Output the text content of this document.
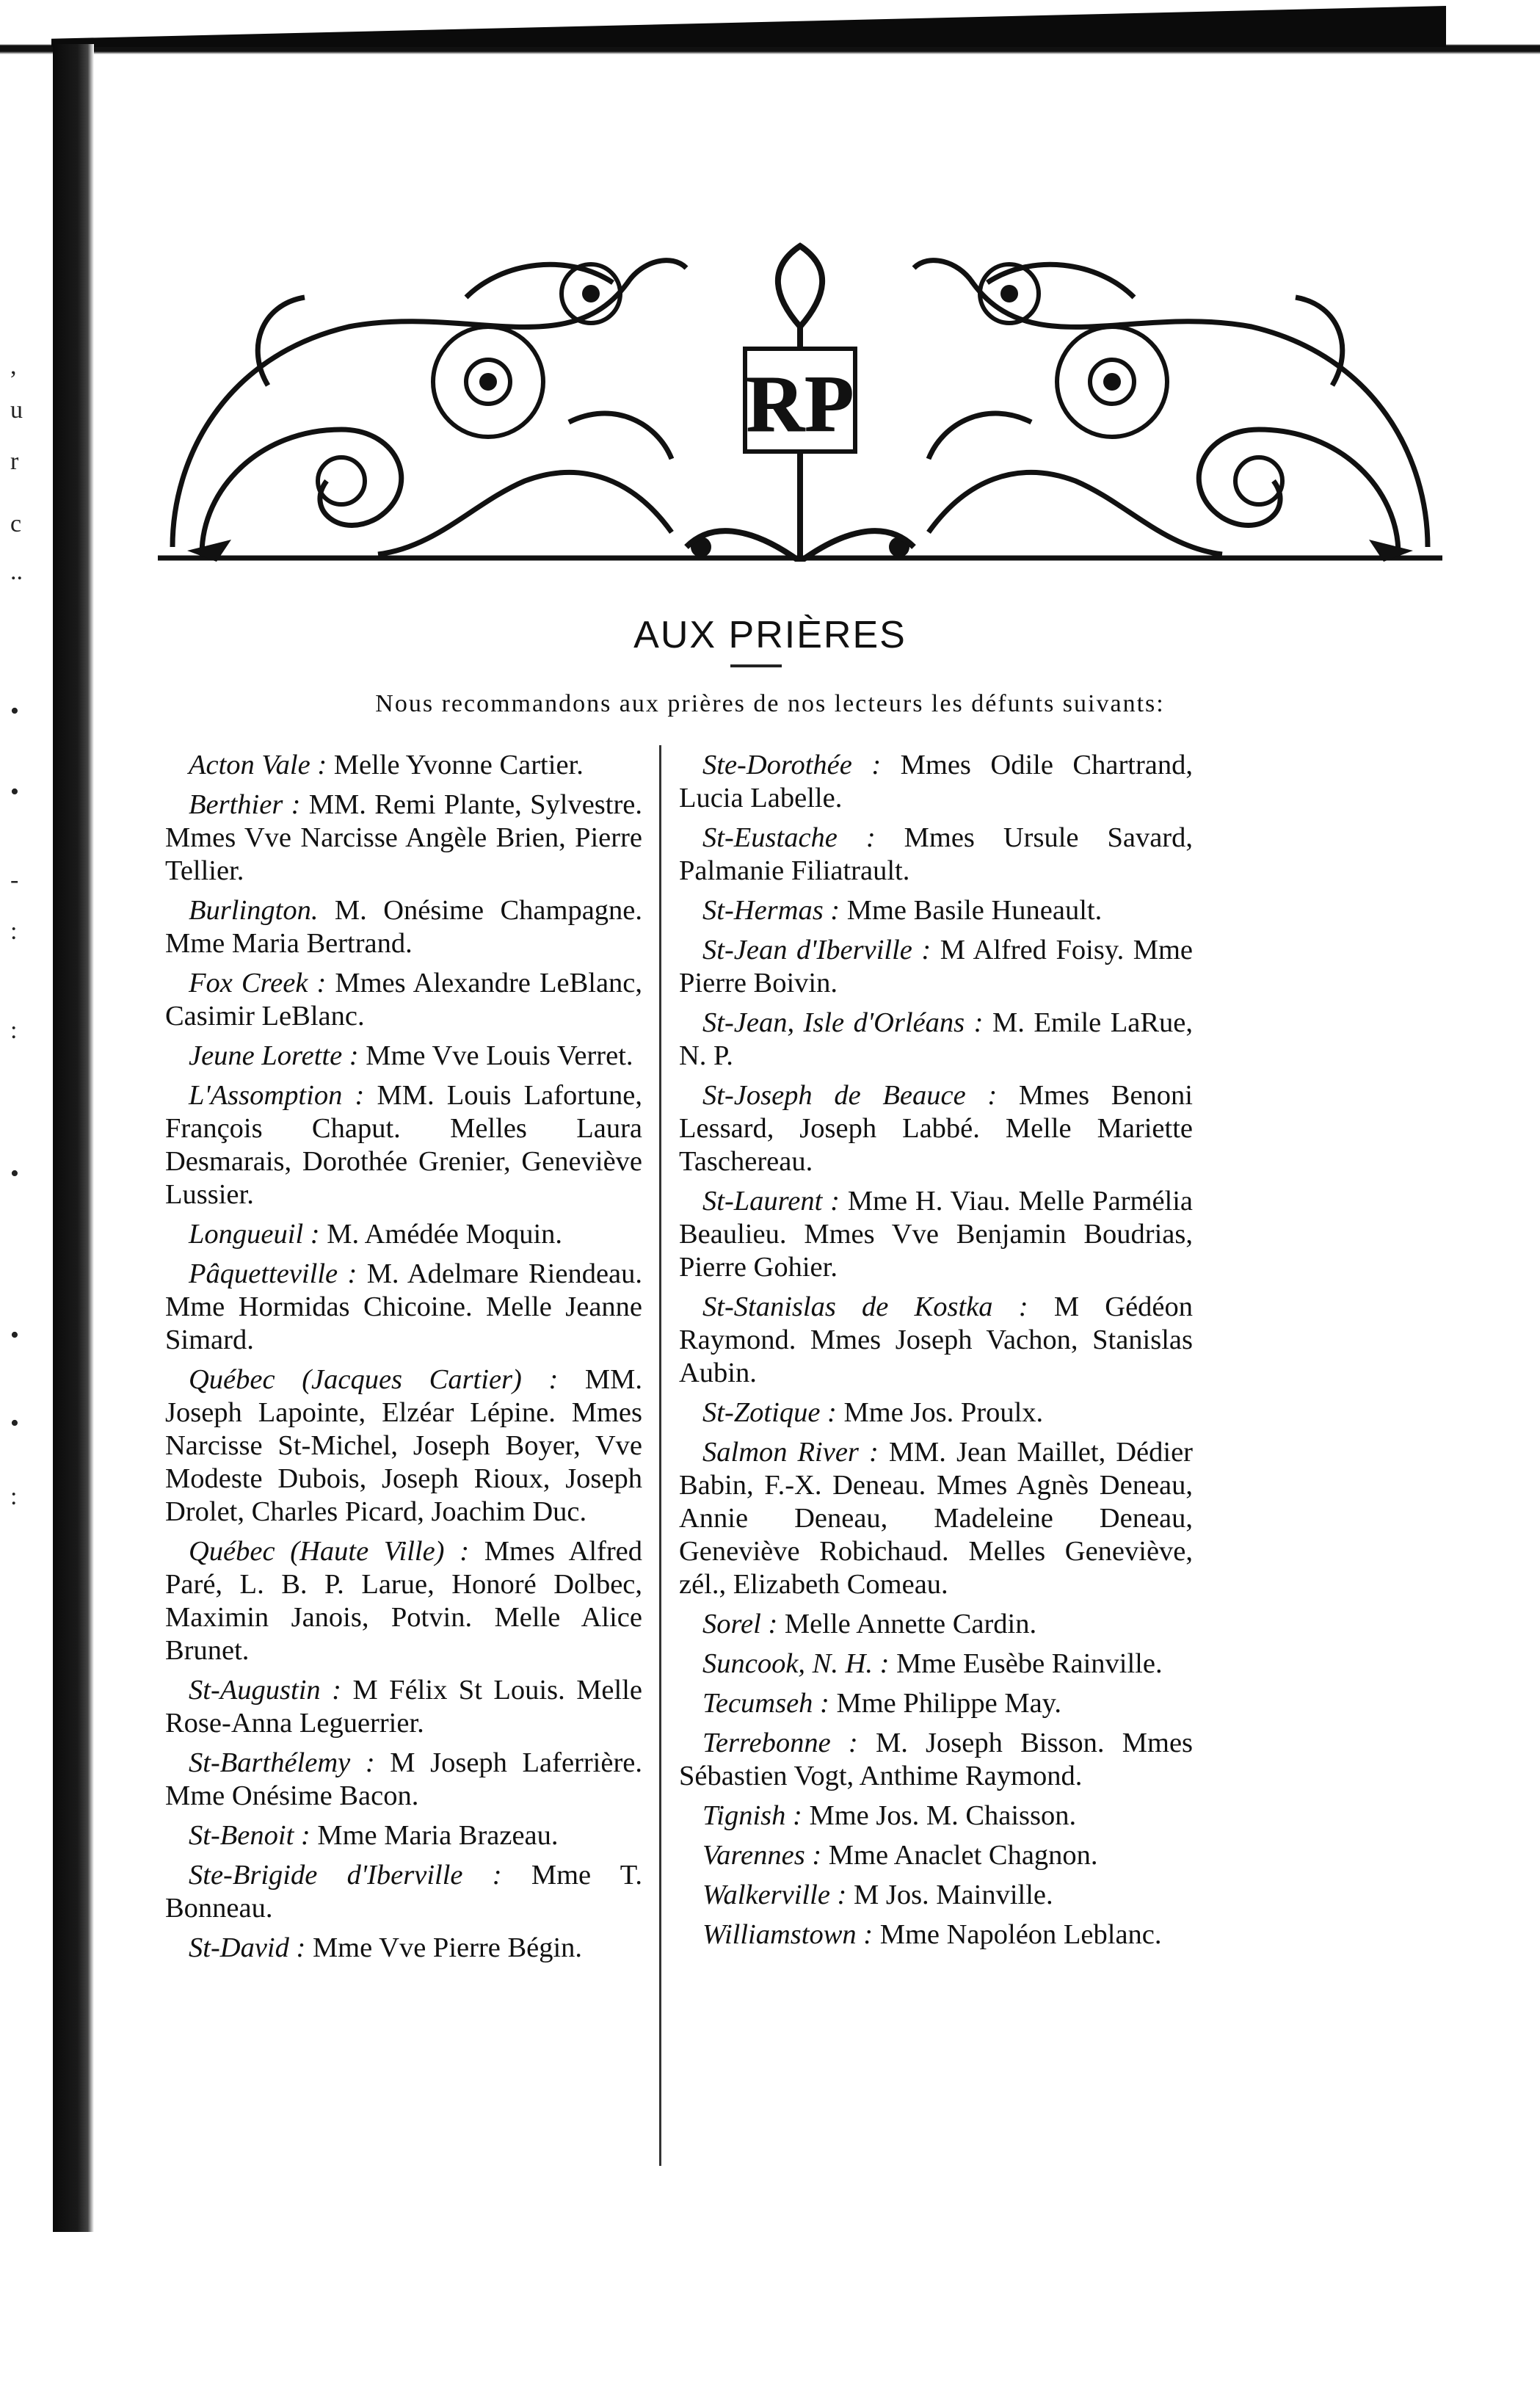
,
u
r
c
..
•
•
-
:
:
•
•
•
:
RP
AUX PRIÈRES
Nous recommandons aux prières de nos lecteurs les défunts suivants:

Acton Vale : Melle Yvonne Cartier.

Berthier : MM. Remi Plante, Sylvestre. Mmes Vve Narcisse Angèle Brien, Pierre Tellier.

Burlington. M. Onésime Champagne. Mme Maria Bertrand.

Fox Creek : Mmes Alexandre LeBlanc, Casimir LeBlanc.

Jeune Lorette : Mme Vve Louis Verret.

L'Assomption : MM. Louis Lafortune, François Chaput. Melles Laura Desmarais, Dorothée Grenier, Geneviève Lussier.

Longueuil : M. Amédée Moquin.

Pâquetteville : M. Adelmare Riendeau. Mme Hormidas Chicoine. Melle Jeanne Simard.

Québec (Jacques Cartier) : MM. Joseph Lapointe, Elzéar Lépine. Mmes Narcisse St-Michel, Joseph Boyer, Vve Modeste Dubois, Joseph Rioux, Joseph Drolet, Charles Picard, Joachim Duc.

Québec (Haute Ville) : Mmes Alfred Paré, L. B. P. Larue, Honoré Dolbec, Maximin Janois, Potvin. Melle Alice Brunet.

St-Augustin : M Félix St Louis. Melle Rose-Anna Leguerrier.

St-Barthélemy : M Joseph Laferrière. Mme Onésime Bacon.

St-Benoit : Mme Maria Brazeau.

Ste-Brigide d'Iberville : Mme T. Bonneau.

St-David : Mme Vve Pierre Bégin.

Ste-Dorothée : Mmes Odile Chartrand, Lucia Labelle.

St-Eustache : Mmes Ursule Savard, Palmanie Filiatrault.

St-Hermas : Mme Basile Huneault.

St-Jean d'Iberville : M Alfred Foisy. Mme Pierre Boivin.

St-Jean, Isle d'Orléans : M. Emile LaRue, N. P.

St-Joseph de Beauce : Mmes Benoni Lessard, Joseph Labbé. Melle Mariette Taschereau.

St-Laurent : Mme H. Viau. Melle Parmélia Beaulieu. Mmes Vve Benjamin Boudrias, Pierre Gohier.

St-Stanislas de Kostka : M Gédéon Raymond. Mmes Joseph Vachon, Stanislas Aubin.

St-Zotique : Mme Jos. Proulx.

Salmon River : MM. Jean Maillet, Dédier Babin, F.-X. Deneau. Mmes Agnès Deneau, Annie Deneau, Madeleine Deneau, Geneviève Robichaud. Melles Geneviève, zél., Elizabeth Comeau.

Sorel : Melle Annette Cardin.

Suncook, N. H. : Mme Eusèbe Rainville.

Tecumseh : Mme Philippe May.

Terrebonne : M. Joseph Bisson. Mmes Sébastien Vogt, Anthime Raymond.

Tignish : Mme Jos. M. Chaisson.

Varennes : Mme Anaclet Chagnon.

Walkerville : M Jos. Mainville.

Williamstown : Mme Napoléon Leblanc.
